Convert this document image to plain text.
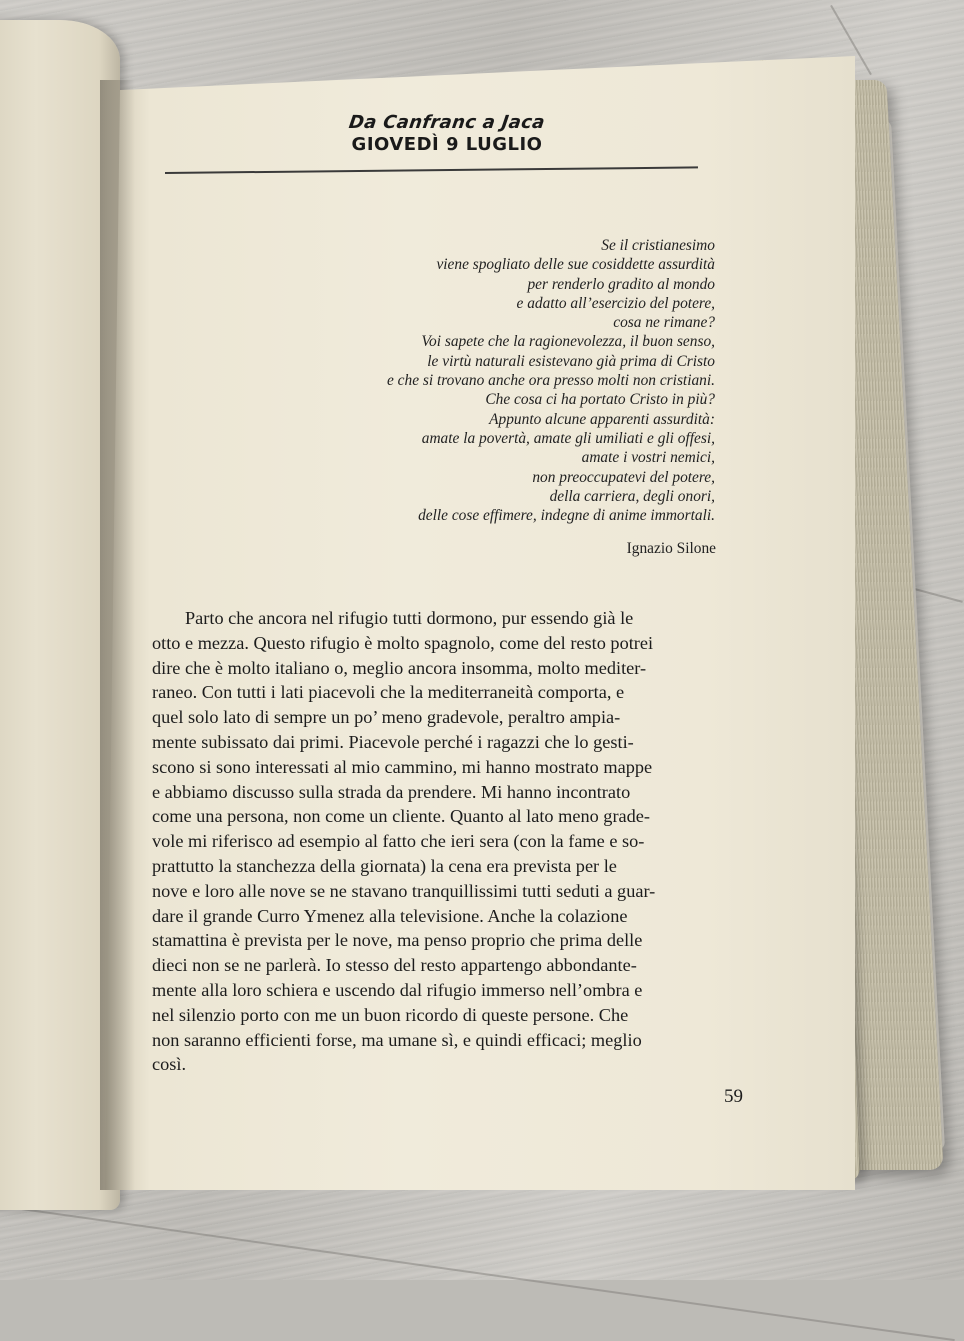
Da Canfranc a Jaca
GIOVEDÌ 9 LUGLIO
Se il cristianesimo
viene spogliato delle sue cosiddette assurdità
per renderlo gradito al mondo
e adatto all’esercizio del potere,
cosa ne rimane?
Voi sapete che la ragionevolezza, il buon senso,
le virtù naturali esistevano già prima di Cristo
e che si trovano anche ora presso molti non cristiani.
Che cosa ci ha portato Cristo in più?
Appunto alcune apparenti assurdità:
amate la povertà, amate gli umiliati e gli offesi,
amate i vostri nemici,
non preoccupatevi del potere,
della carriera, degli onori,
delle cose effimere, indegne di anime immortali.
Ignazio Silone
Parto che ancora nel rifugio tutti dormono, pur essendo già le
otto e mezza. Questo rifugio è molto spagnolo, come del resto potrei
dire che è molto italiano o, meglio ancora insomma, molto mediter-
raneo. Con tutti i lati piacevoli che la mediterraneità comporta, e
quel solo lato di sempre un po’ meno gradevole, peraltro ampia-
mente subissato dai primi. Piacevole perché i ragazzi che lo gesti-
scono si sono interessati al mio cammino, mi hanno mostrato mappe
e abbiamo discusso sulla strada da prendere. Mi hanno incontrato
come una persona, non come un cliente. Quanto al lato meno grade-
vole mi riferisco ad esempio al fatto che ieri sera (con la fame e so-
prattutto la stanchezza della giornata) la cena era prevista per le
nove e loro alle nove se ne stavano tranquillissimi tutti seduti a guar-
dare il grande Curro Ymenez alla televisione. Anche la colazione
stamattina è prevista per le nove, ma penso proprio che prima delle
dieci non se ne parlerà. Io stesso del resto appartengo abbondante-
mente alla loro schiera e uscendo dal rifugio immerso nell’ombra e
nel silenzio porto con me un buon ricordo di queste persone. Che
non saranno efficienti forse, ma umane sì, e quindi efficaci; meglio
così.
59
